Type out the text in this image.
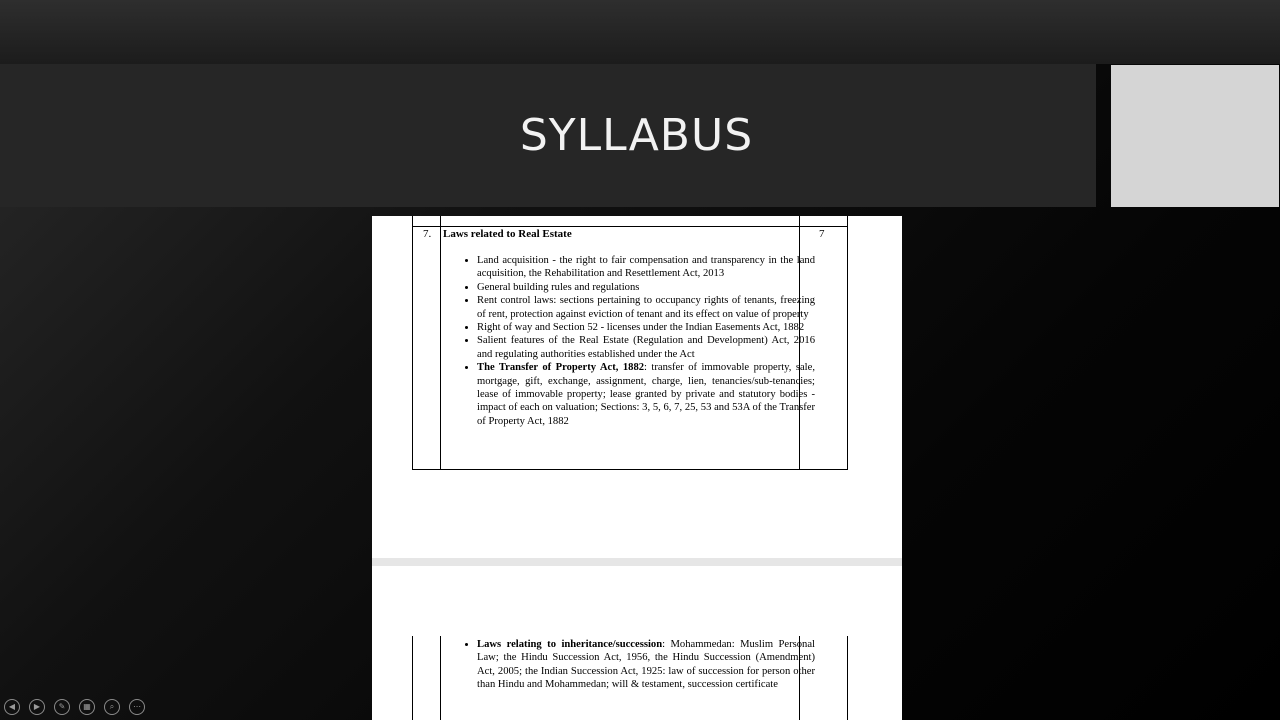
SYLLABUS
7. Laws related to Real Estate	7
• Land acquisition - the right to fair compensation and transparency in the land acquisition, the Rehabilitation and Resettlement Act, 2013
• General building rules and regulations
• Rent control laws: sections pertaining to occupancy rights of tenants, freezing of rent, protection against eviction of tenant and its effect on value of property
• Right of way and Section 52 - licenses under the Indian Easements Act, 1882
• Salient features of the Real Estate (Regulation and Development) Act, 2016 and regulating authorities established under the Act
• The Transfer of Property Act, 1882: transfer of immovable property, sale, mortgage, gift, exchange, assignment, charge, lien, tenancies/sub-tenancies; lease of immovable property; lease granted by private and statutory bodies - impact of each on valuation; Sections: 3, 5, 6, 7, 25, 53 and 53A of the Transfer of Property Act, 1882
• Laws relating to inheritance/succession: Mohammedan: Muslim Personal Law; the Hindu Succession Act, 1956, the Hindu Succession (Amendment) Act, 2005; the Indian Succession Act, 1925: law of succession for person other than Hindu and Mohammedan; will & testament, succession certificate
◀	▶	✎	▦	⌕	⋯
